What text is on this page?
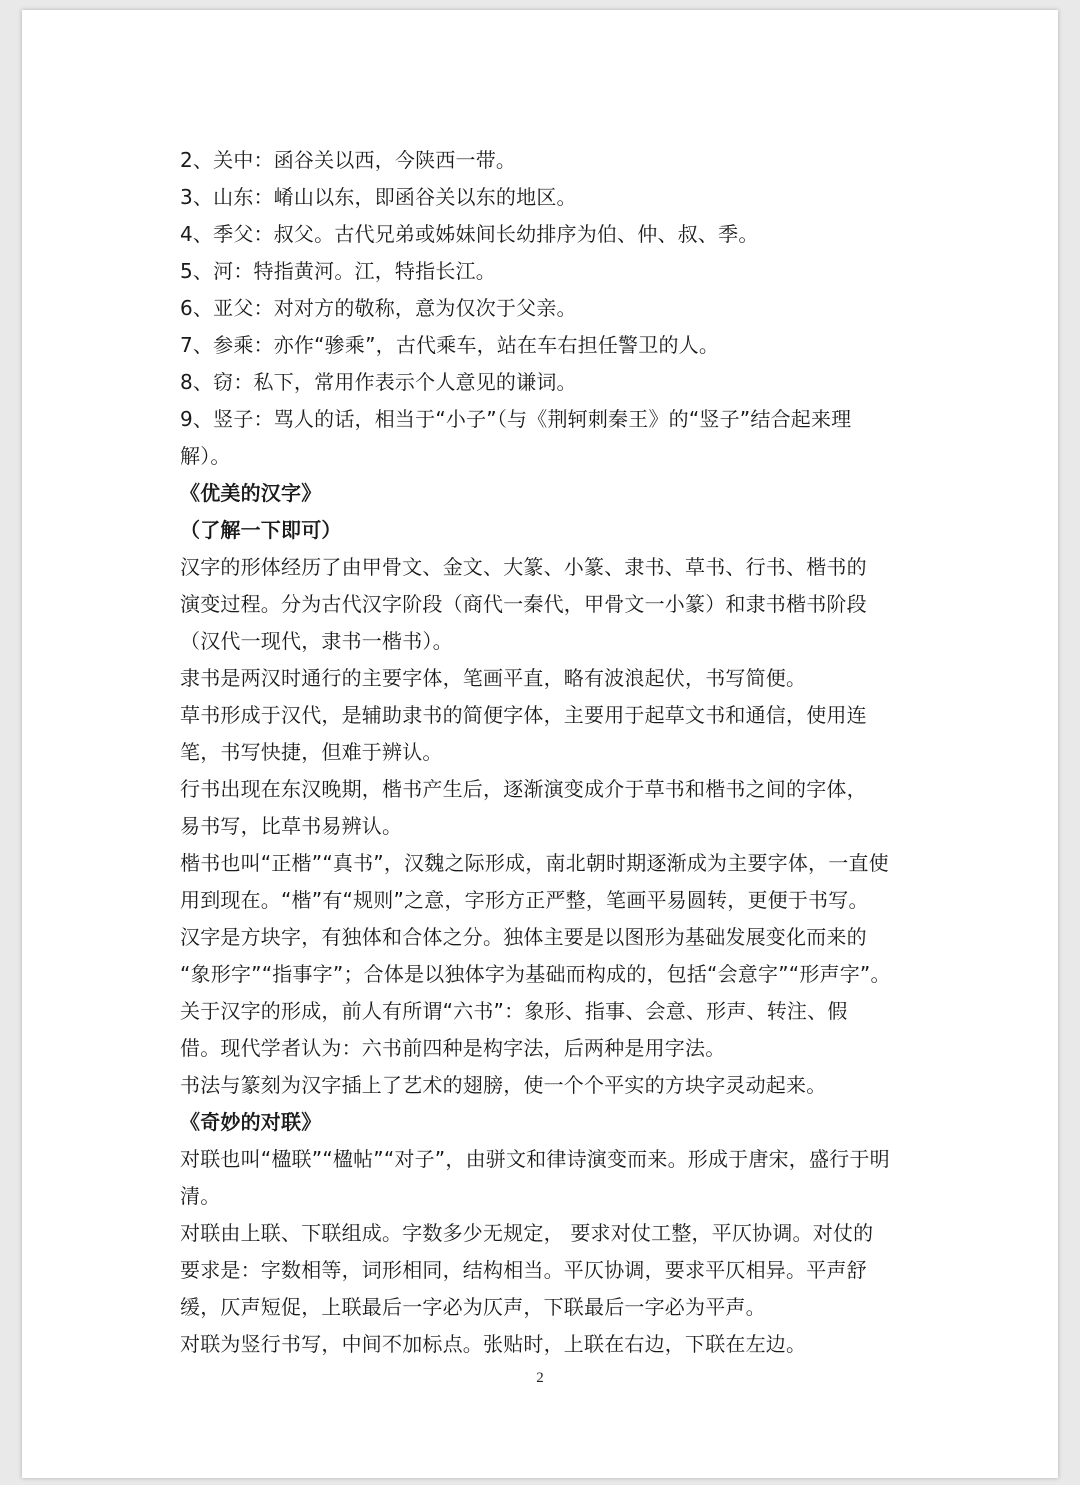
2、关中：函谷关以西，今陕西一带。
3、山东：崤山以东，即函谷关以东的地区。
4、季父：叔父。古代兄弟或姊妹间长幼排序为伯、仲、叔、季。
5、河：特指黄河。江，特指长江。
6、亚父：对对方的敬称，意为仅次于父亲。
7、参乘：亦作“骖乘”，古代乘车，站在车右担任警卫的人。
8、窃：私下，常用作表示个人意见的谦词。
9、竖子：骂人的话，相当于“小子”（与《荆轲刺秦王》的“竖子”结合起来理
解）。
《优美的汉字》
（了解一下即可）
汉字的形体经历了由甲骨文、金文、大篆、小篆、隶书、草书、行书、楷书的
演变过程。分为古代汉字阶段（商代一秦代，甲骨文一小篆）和隶书楷书阶段
（汉代一现代，隶书一楷书）。
隶书是两汉时通行的主要字体，笔画平直，略有波浪起伏，书写简便。
草书形成于汉代，是辅助隶书的简便字体，主要用于起草文书和通信，使用连
笔，书写快捷，但难于辨认。
行书出现在东汉晚期，楷书产生后，逐渐演变成介于草书和楷书之间的字体，
易书写，比草书易辨认。
楷书也叫“正楷”“真书”，汉魏之际形成，南北朝时期逐渐成为主要字体，一直使
用到现在。“楷”有“规则”之意，字形方正严整，笔画平易圆转，更便于书写。
汉字是方块字，有独体和合体之分。独体主要是以图形为基础发展变化而来的
“象形字”“指事字”；合体是以独体字为基础而构成的，包括“会意字”“形声字”。
关于汉字的形成，前人有所谓“六书”：象形、指事、会意、形声、转注、假
借。现代学者认为：六书前四种是构字法，后两种是用字法。
书法与篆刻为汉字插上了艺术的翅膀，使一个个平实的方块字灵动起来。
《奇妙的对联》
对联也叫“楹联”“楹帖”“对子”，由骈文和律诗演变而来。形成于唐宋，盛行于明
清。
对联由上联、下联组成。字数多少无规定， 要求对仗工整，平仄协调。对仗的
要求是：字数相等，词形相同，结构相当。平仄协调，要求平仄相异。平声舒
缓，仄声短促，上联最后一字必为仄声，下联最后一字必为平声。
对联为竖行书写，中间不加标点。张贴时，上联在右边，下联在左边。
2
